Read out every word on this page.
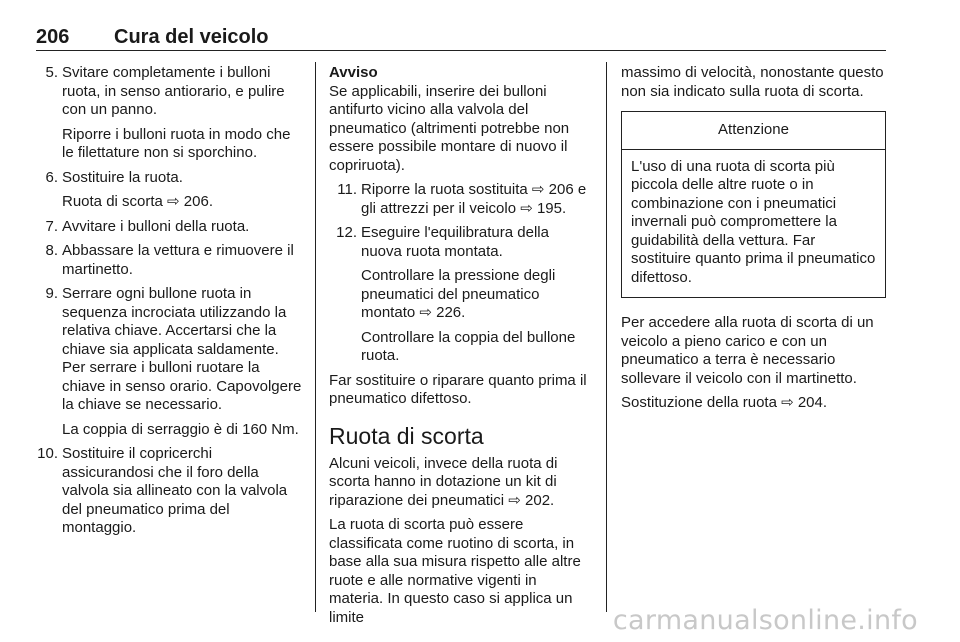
206 Cura del veicolo
5. Svitare completamente i bulloni ruota, in senso antiorario, e pulire con un panno.

Riporre i bulloni ruota in modo che le filettature non si sporchino.

6. Sostituire la ruota.

Ruota di scorta ⇨ 206.

7. Avvitare i bulloni della ruota.

8. Abbassare la vettura e rimuovere il martinetto.

9. Serrare ogni bullone ruota in sequenza incrociata utilizzando la relativa chiave. Accertarsi che la chiave sia applicata saldamente. Per serrare i bulloni ruotare la chiave in senso orario. Capovolgere la chiave se necessario.

La coppia di serraggio è di 160 Nm.

10. Sostituire il copricerchi assicurandosi che il foro della valvola sia allineato con la valvola del pneumatico prima del montaggio.

Avviso
Se applicabili, inserire dei bulloni antifurto vicino alla valvola del pneumatico (altrimenti potrebbe non essere possibile montare di nuovo il copriruota).
11. Riporre la ruota sostituita ⇨ 206 e gli attrezzi per il veicolo ⇨ 195.

12. Eseguire l'equilibratura della nuova ruota montata.

Controllare la pressione degli pneumatici del pneumatico montato ⇨ 226.

Controllare la coppia del bullone ruota.

Far sostituire o riparare quanto prima il pneumatico difettoso.

Ruota di scorta

Alcuni veicoli, invece della ruota di scorta hanno in dotazione un kit di riparazione dei pneumatici ⇨ 202.

La ruota di scorta può essere classificata come ruotino di scorta, in base alla sua misura rispetto alle altre ruote e alle normative vigenti in materia. In questo caso si applica un limite

massimo di velocità, nonostante questo non sia indicato sulla ruota di scorta.

Attenzione
L'uso di una ruota di scorta più piccola delle altre ruote o in combinazione con i pneumatici invernali può compromettere la guidabilità della vettura. Far sostituire quanto prima il pneumatico difettoso.

Per accedere alla ruota di scorta di un veicolo a pieno carico e con un pneumatico a terra è necessario sollevare il veicolo con il martinetto.

Sostituzione della ruota ⇨ 204.

carmanualsonline.info
